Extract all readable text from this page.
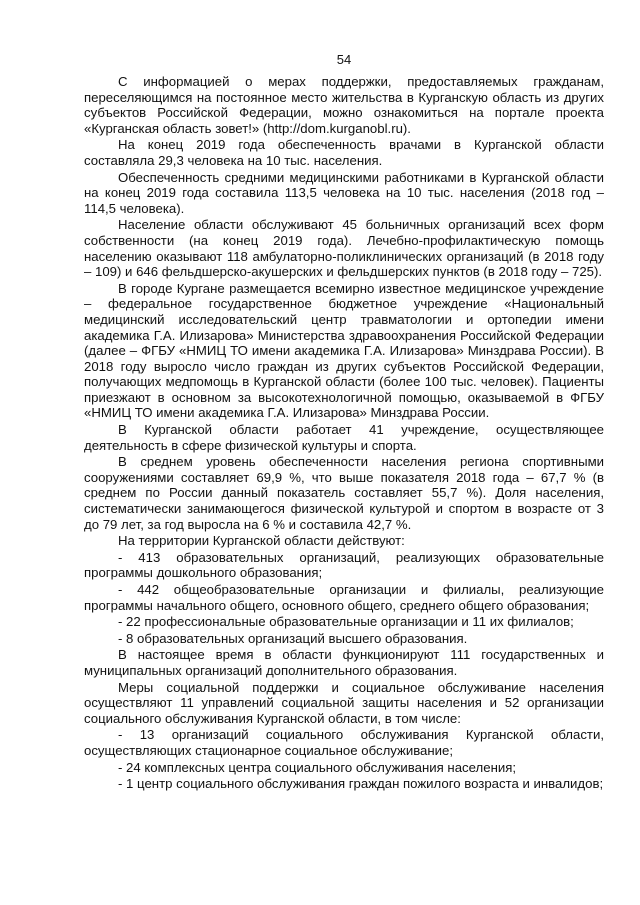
54

С информацией о мерах поддержки, предоставляемых гражданам, переселяющимся на постоянное место жительства в Курганскую область из других субъектов Российской Федерации, можно ознакомиться на портале проекта «Курганская область зовет!» (http://dom.kurganobl.ru).

На конец 2019 года обеспеченность врачами в Курганской области составляла 29,3 человека на 10 тыс. населения.

Обеспеченность средними медицинскими работниками в Курганской области на конец 2019 года составила 113,5 человека на 10 тыс. населения (2018 год – 114,5 человека).

Население области обслуживают 45 больничных организаций всех форм собственности (на конец 2019 года). Лечебно-профилактическую помощь населению оказывают 118 амбулаторно-поликлинических организаций (в 2018 году – 109) и 646 фельдшерско-акушерских и фельдшерских пунктов (в 2018 году – 725).

В городе Кургане размещается всемирно известное медицинское учреждение – федеральное государственное бюджетное учреждение «Национальный медицинский исследовательский центр травматологии и ортопедии имени академика Г.А. Илизарова» Министерства здравоохранения Российской Федерации (далее – ФГБУ «НМИЦ ТО имени академика Г.А. Илизарова» Минздрава России). В 2018 году выросло число граждан из других субъектов Российской Федерации, получающих медпомощь в Курганской области (более 100 тыс. человек). Пациенты приезжают в основном за высокотехнологичной помощью, оказываемой в ФГБУ «НМИЦ ТО имени академика Г.А. Илизарова» Минздрава России.

В Курганской области работает 41 учреждение, осуществляющее деятельность в сфере физической культуры и спорта.

В среднем уровень обеспеченности населения региона спортивными сооружениями составляет 69,9 %, что выше показателя 2018 года – 67,7 % (в среднем по России данный показатель составляет 55,7 %). Доля населения, систематически занимающегося физической культурой и спортом в возрасте от 3 до 79 лет, за год выросла на 6 % и составила 42,7 %.

На территории Курганской области действуют:

- 413 образовательных организаций, реализующих образовательные программы дошкольного образования;

- 442 общеобразовательные организации и филиалы, реализующие программы начального общего, основного общего, среднего общего образования;

- 22 профессиональные образовательные организации и 11 их филиалов;

- 8 образовательных организаций высшего образования.

В настоящее время в области функционируют 111 государственных и муниципальных организаций дополнительного образования.

Меры социальной поддержки и социальное обслуживание населения осуществляют 11 управлений социальной защиты населения и 52 организации социального обслуживания Курганской области, в том числе:

- 13 организаций социального обслуживания Курганской области, осуществляющих стационарное социальное обслуживание;

- 24 комплексных центра социального обслуживания населения;

- 1 центр социального обслуживания граждан пожилого возраста и инвалидов;
